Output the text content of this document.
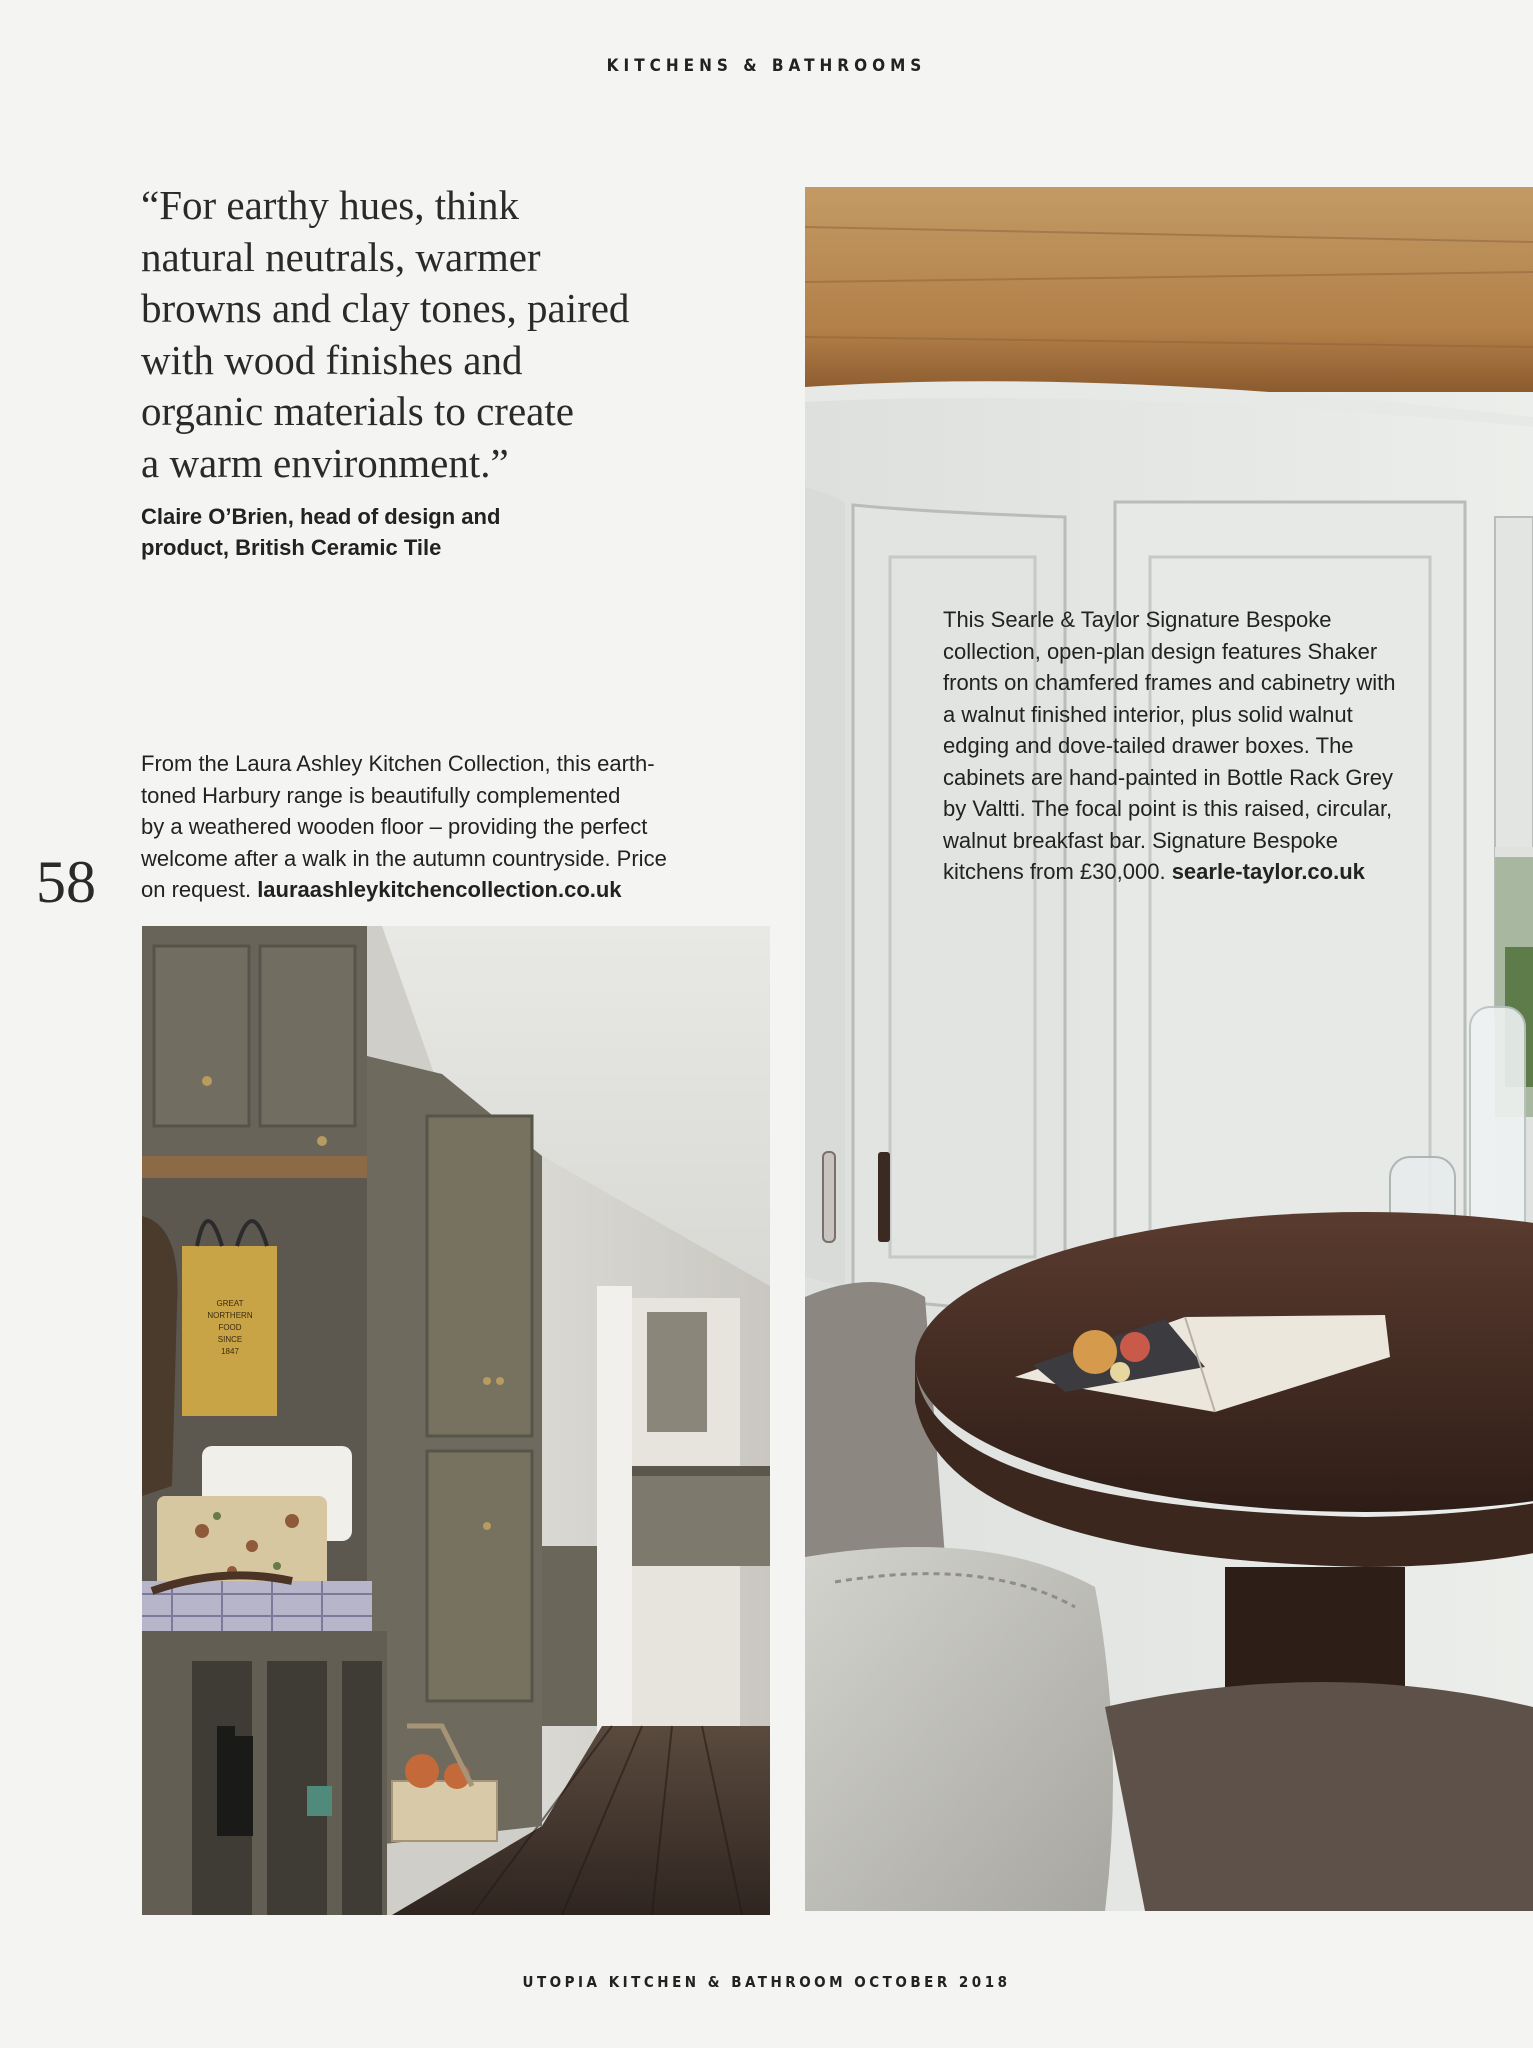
KITCHENS & BATHROOMS
“For earthy hues, think
natural neutrals, warmer
browns and clay tones, paired
with wood finishes and
organic materials to create
a warm environment.”
Claire O’Brien, head of design and
product, British Ceramic Tile
From the Laura Ashley Kitchen Collection, this earth-
toned Harbury range is beautifully complemented
by a weathered wooden floor – providing the perfect
welcome after a walk in the autumn countryside. Price
on request. lauraashleykitchencollection.co.uk
58
GREAT
NORTHERN
FOOD
SINCE
1847
This Searle & Taylor Signature Bespoke
collection, open-plan design features Shaker
fronts on chamfered frames and cabinetry with
a walnut finished interior, plus solid walnut
edging and dove-tailed drawer boxes. The
cabinets are hand-painted in Bottle Rack Grey
by Valtti. The focal point is this raised, circular,
walnut breakfast bar. Signature Bespoke
kitchens from £30,000. searle-taylor.co.uk
UTOPIA KITCHEN & BATHROOM OCTOBER 2018
